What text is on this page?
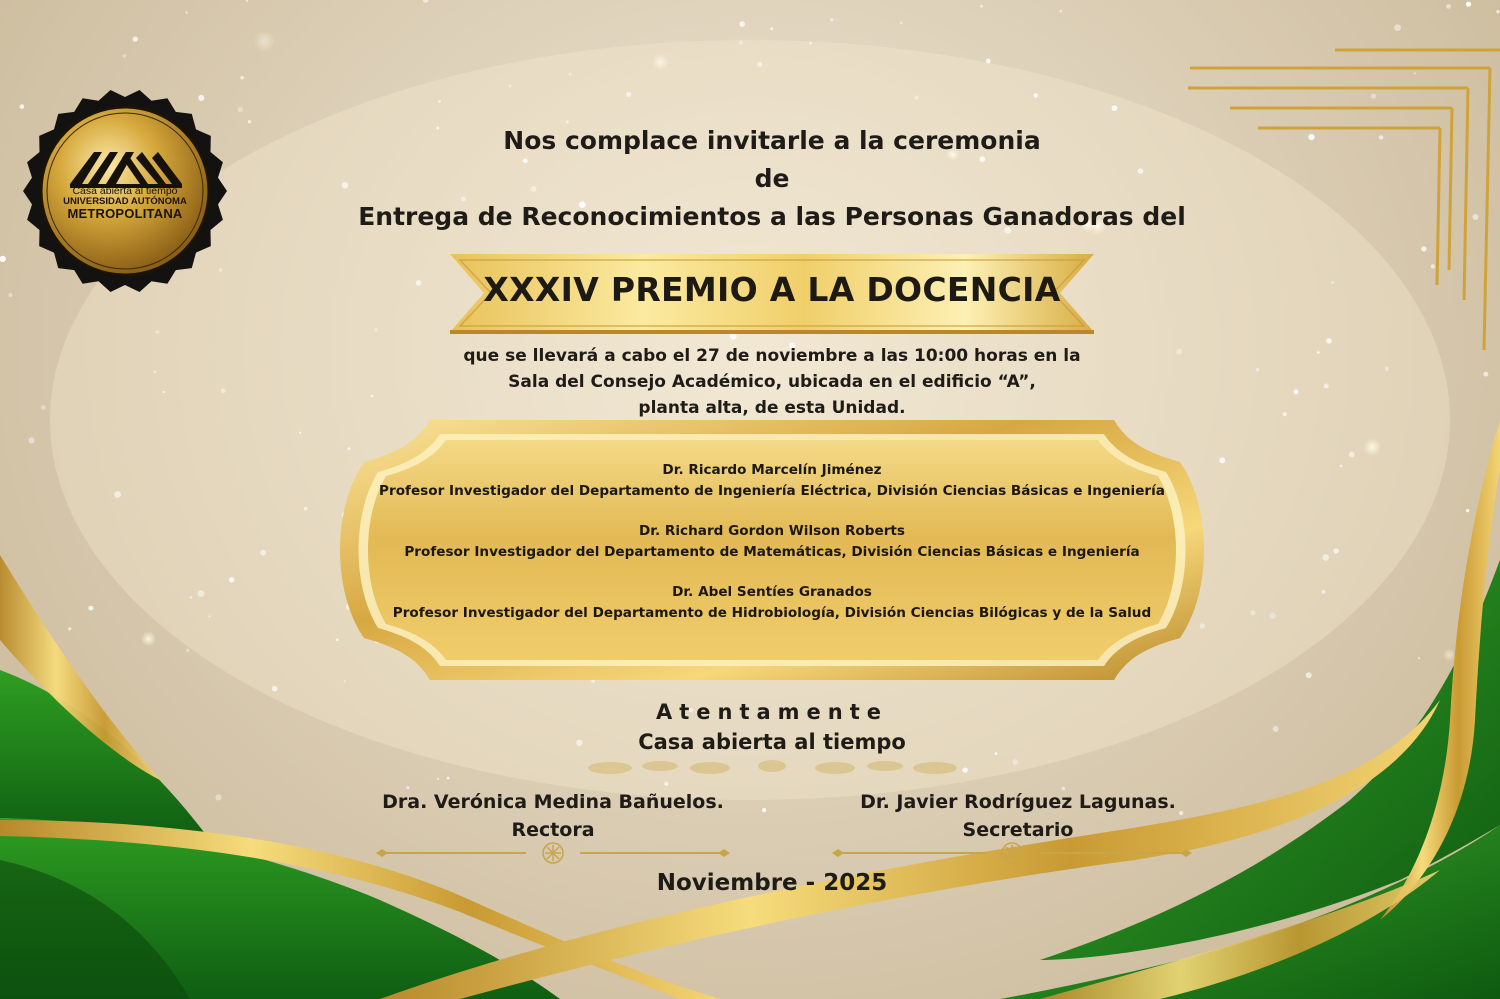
Casa abierta al tiempo
UNIVERSIDAD AUTÓNOMA
METROPOLITANA
Nos complace invitarle a la ceremonia
de
Entrega de Reconocimientos a las Personas Ganadoras del
XXXIV PREMIO A LA DOCENCIA
que se llevará a cabo el 27 de noviembre a las 10:00 horas en la
Sala del Consejo Académico, ubicada en el edificio “A”,
planta alta, de esta Unidad.
Dr. Ricardo Marcelín Jiménez
Profesor Investigador del Departamento de Ingeniería Eléctrica, División Ciencias Básicas e Ingeniería
Dr. Richard Gordon Wilson Roberts
Profesor Investigador del Departamento de Matemáticas, División Ciencias Básicas e Ingeniería
Dr. Abel Sentíes Granados
Profesor Investigador del Departamento de Hidrobiología, División Ciencias Bilógicas y de la Salud
Atentamente
Casa abierta al tiempo
Dra. Verónica Medina Bañuelos.
Rectora
Dr. Javier Rodríguez Lagunas.
Secretario
Noviembre - 2025
